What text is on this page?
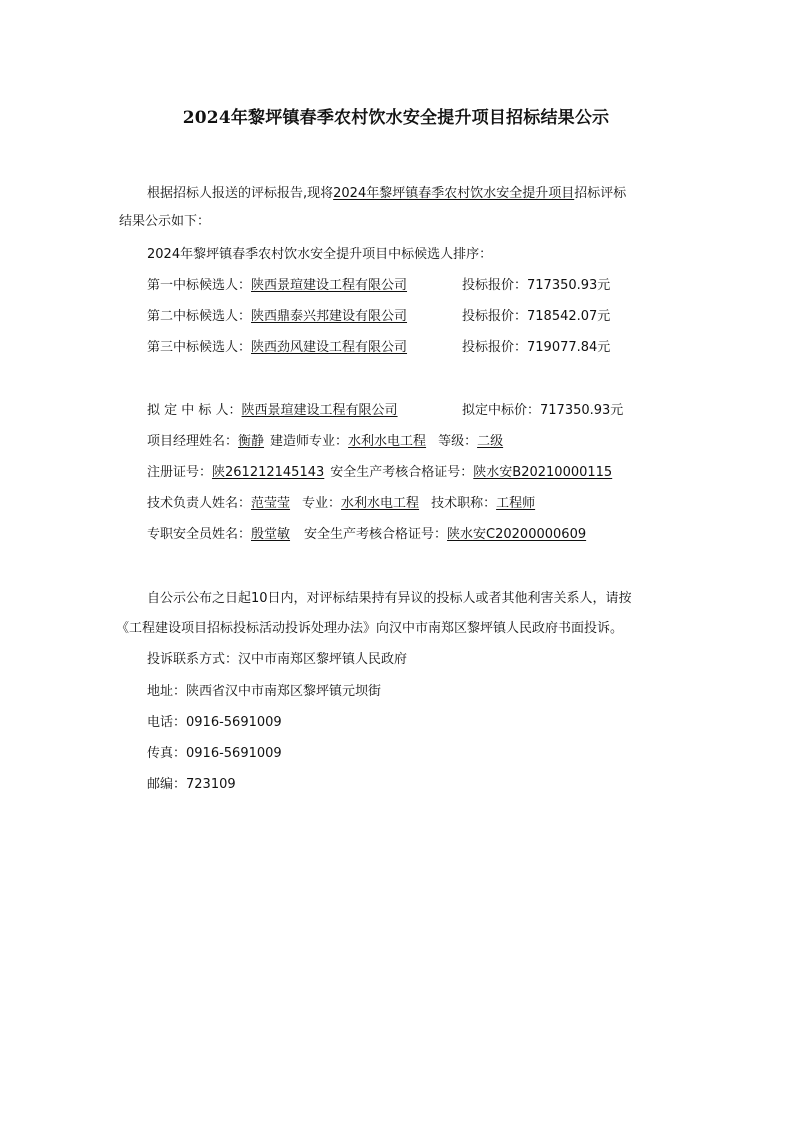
2024年黎坪镇春季农村饮水安全提升项目招标结果公示
根据招标人报送的评标报告,现将2024年黎坪镇春季农村饮水安全提升项目招标评标
结果公示如下：
2024年黎坪镇春季农村饮水安全提升项目中标候选人排序：
第一中标候选人：陕西景瑄建设工程有限公司	投标报价：717350.93元
第二中标候选人：陕西鼎泰兴邦建设有限公司	投标报价：718542.07元
第三中标候选人：陕西劲风建设工程有限公司	投标报价：719077.84元
拟 定 中 标 人：陕西景瑄建设工程有限公司	拟定中标价：717350.93元
项目经理姓名：衡静 建造师专业：水利水电工程 等级：二级
注册证号：陕261212145143 安全生产考核合格证号：陕水安B20210000115
技术负责人姓名：范莹莹 专业：水利水电工程 技术职称：工程师
专职安全员姓名：殷堂敏 安全生产考核合格证号：陕水安C20200000609
自公示公布之日起10日内，对评标结果持有异议的投标人或者其他利害关系人，请按
《工程建设项目招标投标活动投诉处理办法》向汉中市南郑区黎坪镇人民政府书面投诉。
投诉联系方式：汉中市南郑区黎坪镇人民政府
地址：陕西省汉中市南郑区黎坪镇元坝街
电话：0916-5691009
传真：0916-5691009
邮编：723109
